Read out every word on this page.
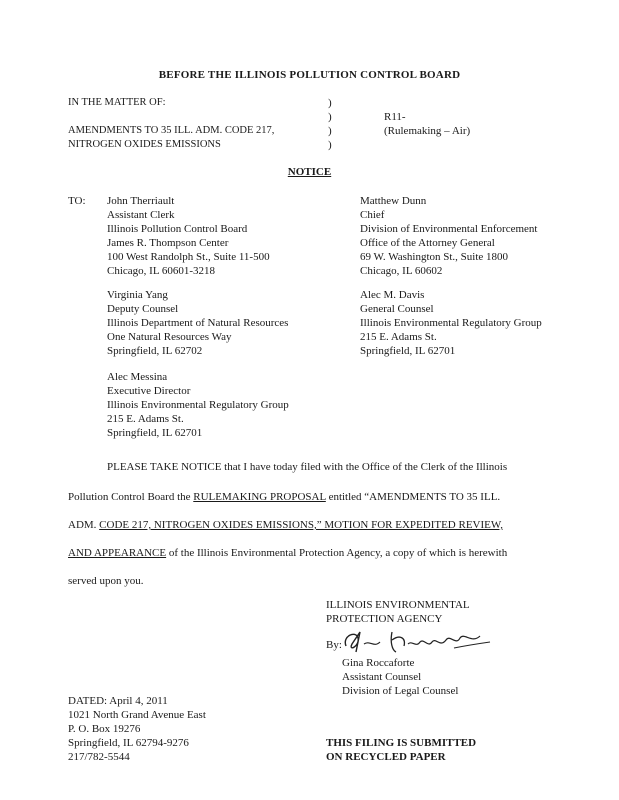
BEFORE THE ILLINOIS POLLUTION CONTROL BOARD
IN THE MATTER OF:
AMENDMENTS TO 35 ILL. ADM. CODE 217,
NITROGEN OXIDES EMISSIONS
)
)
)
)
R11-
(Rulemaking – Air)
NOTICE
TO: John Therriault
Assistant Clerk
Illinois Pollution Control Board
James R. Thompson Center
100 West Randolph St., Suite 11-500
Chicago, IL 60601-3218
Matthew Dunn
Chief
Division of Environmental Enforcement
Office of the Attorney General
69 W. Washington St., Suite 1800
Chicago, IL 60602
Virginia Yang
Deputy Counsel
Illinois Department of Natural Resources
One Natural Resources Way
Springfield, IL 62702
Alec M. Davis
General Counsel
Illinois Environmental Regulatory Group
215 E. Adams St.
Springfield, IL 62701
Alec Messina
Executive Director
Illinois Environmental Regulatory Group
215 E. Adams St.
Springfield, IL 62701
PLEASE TAKE NOTICE that I have today filed with the Office of the Clerk of the Illinois
Pollution Control Board the RULEMAKING PROPOSAL entitled “AMENDMENTS TO 35 ILL.
ADM. CODE 217, NITROGEN OXIDES EMISSIONS,” MOTION FOR EXPEDITED REVIEW,
AND APPEARANCE of the Illinois Environmental Protection Agency, a copy of which is herewith
served upon you.
ILLINOIS ENVIRONMENTAL
PROTECTION AGENCY
By:
Gina Roccaforte
Assistant Counsel
Division of Legal Counsel
DATED: April 4, 2011
1021 North Grand Avenue East
P. O. Box 19276
Springfield, IL 62794-9276
217/782-5544
THIS FILING IS SUBMITTED
ON RECYCLED PAPER
